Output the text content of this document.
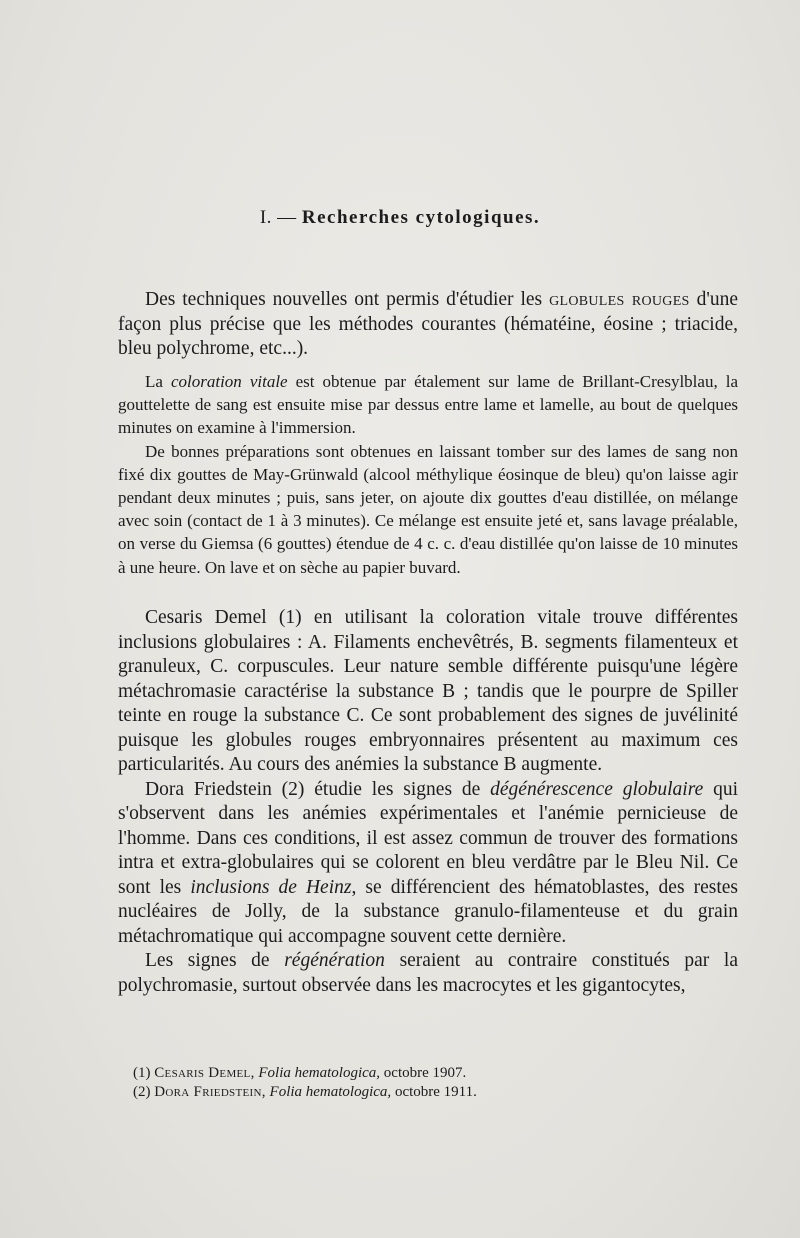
I. — Recherches cytologiques.

Des techniques nouvelles ont permis d'étudier les globules rouges d'une façon plus précise que les méthodes courantes (hématéine, éosine ; triacide, bleu polychrome, etc...).

La coloration vitale est obtenue par étalement sur lame de Brillant-Cresylblau, la gouttelette de sang est ensuite mise par dessus entre lame et lamelle, au bout de quelques minutes on examine à l'immersion.

De bonnes préparations sont obtenues en laissant tomber sur des lames de sang non fixé dix gouttes de May-Grünwald (alcool méthylique éosinque de bleu) qu'on laisse agir pendant deux minutes ; puis, sans jeter, on ajoute dix gouttes d'eau distillée, on mélange avec soin (contact de 1 à 3 minutes). Ce mélange est ensuite jeté et, sans lavage préalable, on verse du Giemsa (6 gouttes) étendue de 4 c. c. d'eau distillée qu'on laisse de 10 minutes à une heure. On lave et on sèche au papier buvard.

Cesaris Demel (1) en utilisant la coloration vitale trouve différentes inclusions globulaires : A. Filaments enchevêtrés, B. segments filamenteux et granuleux, C. corpuscules. Leur nature semble différente puisqu'une légère métachromasie caractérise la substance B ; tandis que le pourpre de Spiller teinte en rouge la substance C. Ce sont probablement des signes de juvélinité puisque les globules rouges embryonnaires présentent au maximum ces particularités. Au cours des anémies la substance B augmente.

Dora Friedstein (2) étudie les signes de dégénérescence globulaire qui s'observent dans les anémies expérimentales et l'anémie pernicieuse de l'homme. Dans ces conditions, il est assez commun de trouver des formations intra et extra-globulaires qui se colorent en bleu verdâtre par le Bleu Nil. Ce sont les inclusions de Heinz, se différencient des hématoblastes, des restes nucléaires de Jolly, de la substance granulo-filamenteuse et du grain métachromatique qui accompagne souvent cette dernière.

Les signes de régénération seraient au contraire constitués par la polychromasie, surtout observée dans les macrocytes et les gigantocytes,

(1) Cesaris Demel, Folia hematologica, octobre 1907.
(2) Dora Friedstein, Folia hematologica, octobre 1911.
